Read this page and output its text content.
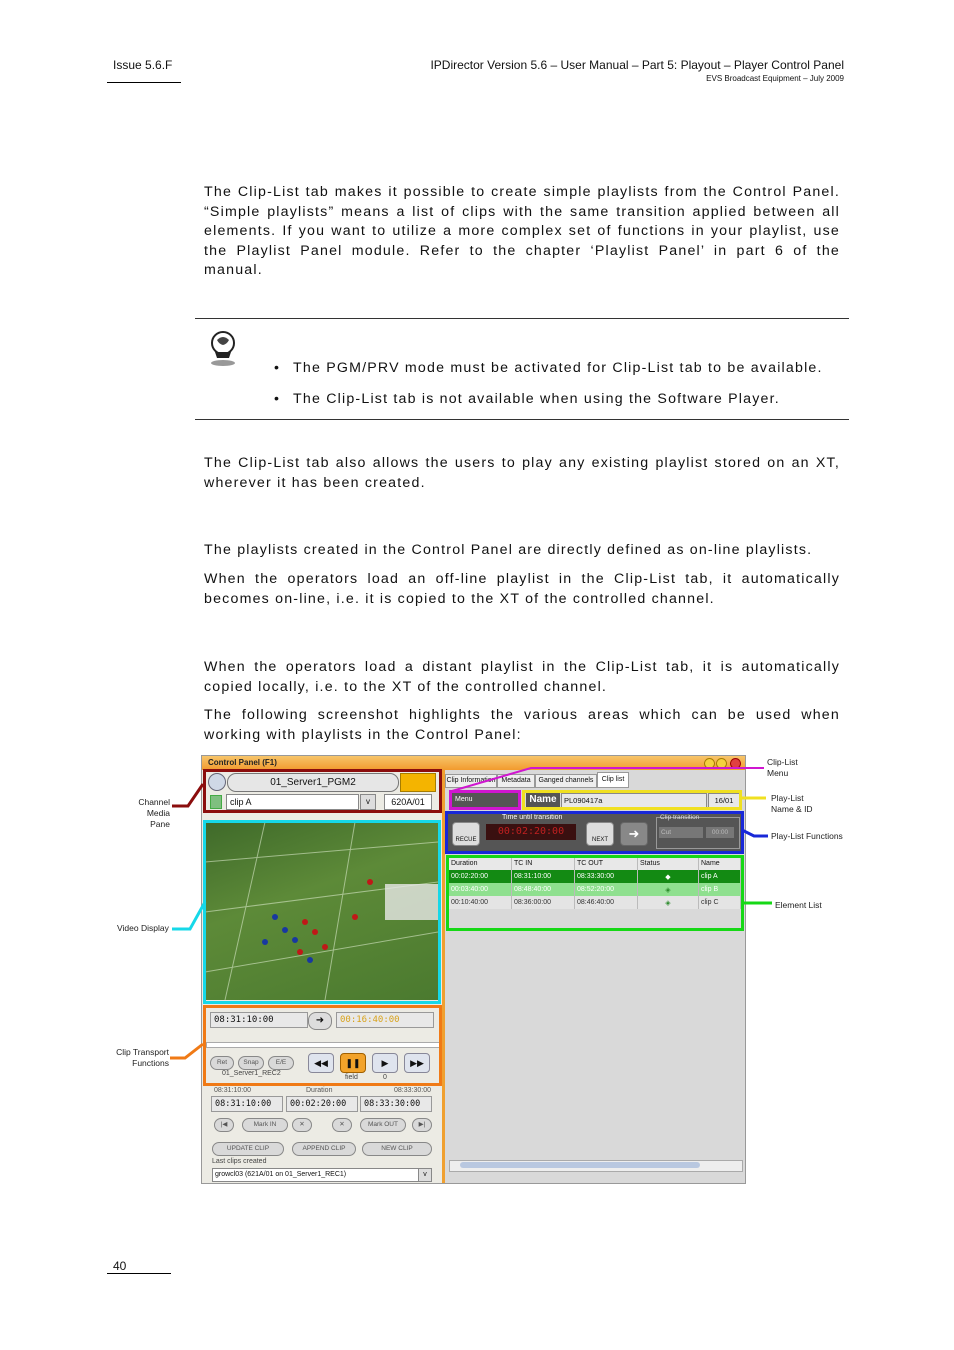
Issue 5.6.F	IPDirector Version 5.6 – User Manual – Part 5: Playout – Player Control Panel
EVS Broadcast Equipment – July 2009
The Clip-List tab makes it possible to create simple playlists from the Control Panel. “Simple playlists” means a list of clips with the same transition applied between all elements. If you want to utilize a more complex set of functions in your playlist, use the Playlist Panel module. Refer to the chapter ‘Playlist Panel’ in part 6 of the manual.
• The PGM/PRV mode must be activated for Clip-List tab to be available.
• The Clip-List tab is not available when using the Software Player.
The Clip-List tab also allows the users to play any existing playlist stored on an XT, wherever it has been created.
The playlists created in the Control Panel are directly defined as on-line playlists.
When the operators load an off-line playlist in the Clip-List tab, it automatically becomes on-line, i.e. it is copied to the XT of the controlled channel.
When the operators load a distant playlist in the Clip-List tab, it is automatically copied locally, i.e. to the XT of the controlled channel.
The following screenshot highlights the various areas which can be used when working with playlists in the Control Panel:
Control Panel (F1)
01_Server1_PGM2
clip A	v	620A/01
08:31:10:00	➜	00:16:40:00
Ret	Snap	E/E	◀◀	❚❚	▶	▶▶
01_Server1_REC2
field	0
08:31:10:00	Duration	08:33:30:00
08:31:10:00	00:02:20:00	08:33:30:00
|◀	Mark IN	✕	✕	Mark OUT	▶|
UPDATE CLIP	APPEND CLIP	NEW CLIP
Last clips created
growcl03 (621A/01 on 01_Server1_REC1)	v
Clip Information Metadata	Ganged channels	Clip list
Menu	Name PL090417a	16/01
RECUE
Time until transition
00:02:20:00
NEXT	➜
Clip transition
Cut	00:00
Duration	TC IN	TC OUT	Status	Name
00:02:20:00	08:31:10:00	08:33:30:00	◆	clip A
00:03:40:00	08:48:40:00	08:52:20:00	◈	clip B
00:10:40:00	08:36:00:00	08:46:40:00	◈	clip C
Channel
Media Pane
Video Display
Clip Transport
Functions
Clip-List
Menu
Play-List
Name & ID
Play-List Functions
Element List
40
